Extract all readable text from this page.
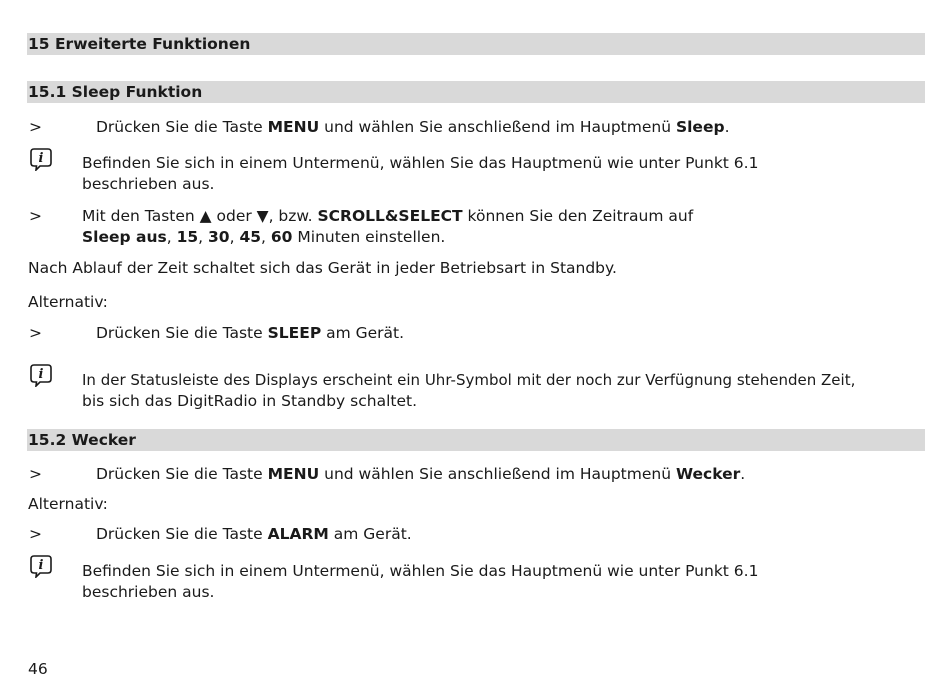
15 Erweiterte Funktionen
15.1 Sleep Funktion
>	Drücken Sie die Taste MENU und wählen Sie anschließend im Hauptmenü Sleep.
i Befinden Sie sich in einem Untermenü, wählen Sie das Hauptmenü wie unter Punkt 6.1
beschrieben aus.
>	Mit den Tasten ▲ oder ▼, bzw. SCROLL&SELECT können Sie den Zeitraum auf
Sleep aus, 15, 30, 45, 60 Minuten einstellen.
Nach Ablauf der Zeit schaltet sich das Gerät in jeder Betriebsart in Standby.
Alternativ:
>	Drücken Sie die Taste SLEEP am Gerät.
i	In der Statusleiste des Displays erscheint ein Uhr-Symbol mit der noch zur Verfügnung stehenden Zeit,
bis sich das DigitRadio in Standby schaltet.
15.2 Wecker
>	Drücken Sie die Taste MENU und wählen Sie anschließend im Hauptmenü Wecker.
Alternativ:
>	Drücken Sie die Taste ALARM am Gerät.
i Befinden Sie sich in einem Untermenü, wählen Sie das Hauptmenü wie unter Punkt 6.1
beschrieben aus.
46
